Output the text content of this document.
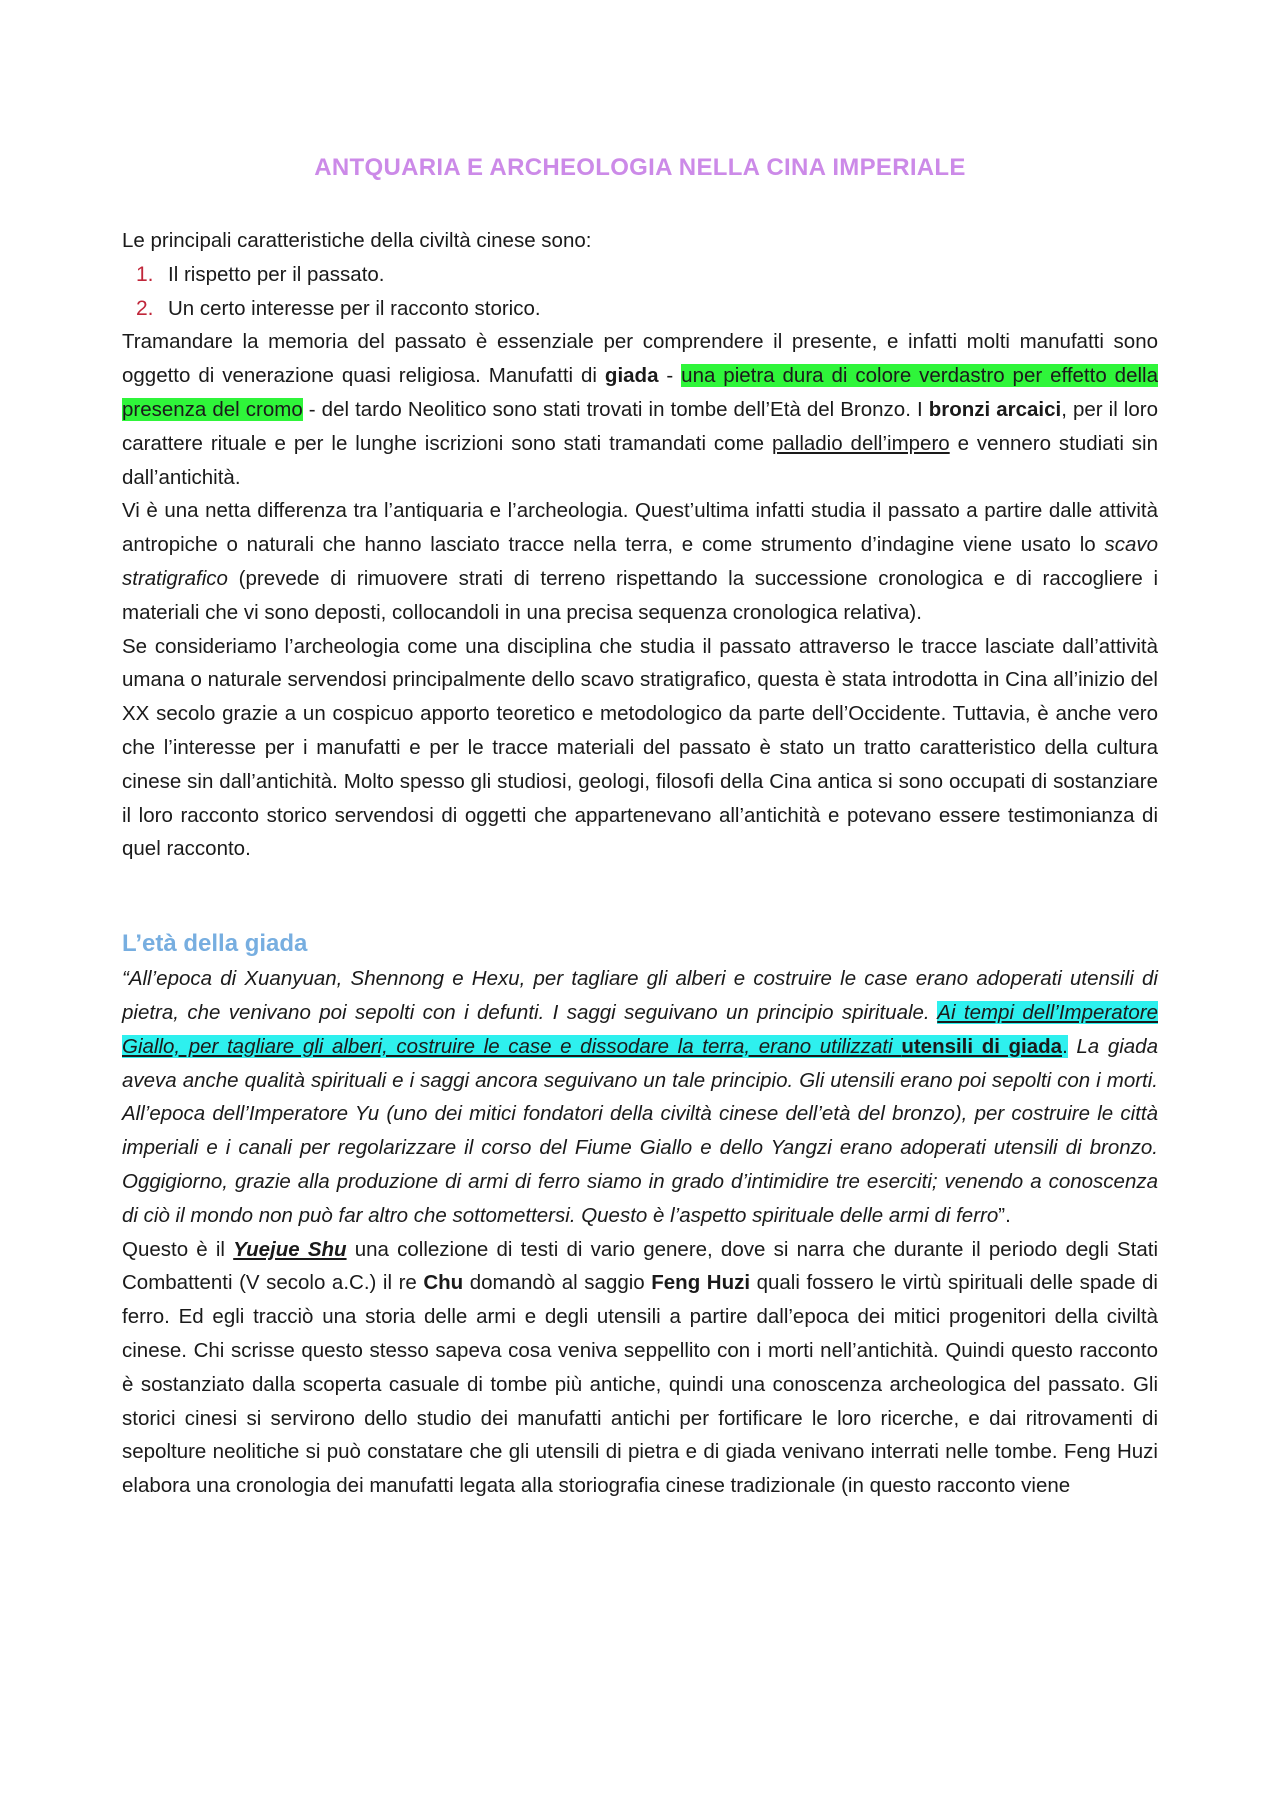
ANTQUARIA E ARCHEOLOGIA NELLA CINA IMPERIALE

Le principali caratteristiche della civiltà cinese sono:

1. Il rispetto per il passato.
2. Un certo interesse per il racconto storico.

Tramandare la memoria del passato è essenziale per comprendere il presente, e infatti molti manufatti sono oggetto di venerazione quasi religiosa. Manufatti di giada - una pietra dura di colore verdastro per effetto della presenza del cromo - del tardo Neolitico sono stati trovati in tombe dell’Età del Bronzo. I bronzi arcaici, per il loro carattere rituale e per le lunghe iscrizioni sono stati tramandati come palladio dell’impero e vennero studiati sin dall’antichità.

Vi è una netta differenza tra l’antiquaria e l’archeologia. Quest’ultima infatti studia il passato a partire dalle attività antropiche o naturali che hanno lasciato tracce nella terra, e come strumento d’indagine viene usato lo scavo stratigrafico (prevede di rimuovere strati di terreno rispettando la successione cronologica e di raccogliere i materiali che vi sono deposti, collocandoli in una precisa sequenza cronologica relativa).

Se consideriamo l’archeologia come una disciplina che studia il passato attraverso le tracce lasciate dall’attività umana o naturale servendosi principalmente dello scavo stratigrafico, questa è stata introdotta in Cina all’inizio del XX secolo grazie a un cospicuo apporto teoretico e metodologico da parte dell’Occidente. Tuttavia, è anche vero che l’interesse per i manufatti e per le tracce materiali del passato è stato un tratto caratteristico della cultura cinese sin dall’antichità. Molto spesso gli studiosi, geologi, filosofi della Cina antica si sono occupati di sostanziare il loro racconto storico servendosi di oggetti che appartenevano all’antichità e potevano essere testimonianza di quel racconto.

L’età della giada

“All’epoca di Xuanyuan, Shennong e Hexu, per tagliare gli alberi e costruire le case erano adoperati utensili di pietra, che venivano poi sepolti con i defunti. I saggi seguivano un principio spirituale. Ai tempi dell’Imperatore Giallo, per tagliare gli alberi, costruire le case e dissodare la terra, erano utilizzati utensili di giada. La giada aveva anche qualità spirituali e i saggi ancora seguivano un tale principio. Gli utensili erano poi sepolti con i morti. All’epoca dell’Imperatore Yu (uno dei mitici fondatori della civiltà cinese dell’età del bronzo), per costruire le città imperiali e i canali per regolarizzare il corso del Fiume Giallo e dello Yangzi erano adoperati utensili di bronzo. Oggigiorno, grazie alla produzione di armi di ferro siamo in grado d’intimidire tre eserciti; venendo a conoscenza di ciò il mondo non può far altro che sottomettersi. Questo è l’aspetto spirituale delle armi di ferro”.

Questo è il Yuejue Shu una collezione di testi di vario genere, dove si narra che durante il periodo degli Stati Combattenti (V secolo a.C.) il re Chu domandò al saggio Feng Huzi quali fossero le virtù spirituali delle spade di ferro. Ed egli tracciò una storia delle armi e degli utensili a partire dall’epoca dei mitici progenitori della civiltà cinese. Chi scrisse questo stesso sapeva cosa veniva seppellito con i morti nell’antichità. Quindi questo racconto è sostanziato dalla scoperta casuale di tombe più antiche, quindi una conoscenza archeologica del passato. Gli storici cinesi si servirono dello studio dei manufatti antichi per fortificare le loro ricerche, e dai ritrovamenti di sepolture neolitiche si può constatare che gli utensili di pietra e di giada venivano interrati nelle tombe. Feng Huzi elabora una cronologia dei manufatti legata alla storiografia cinese tradizionale (in questo racconto viene
